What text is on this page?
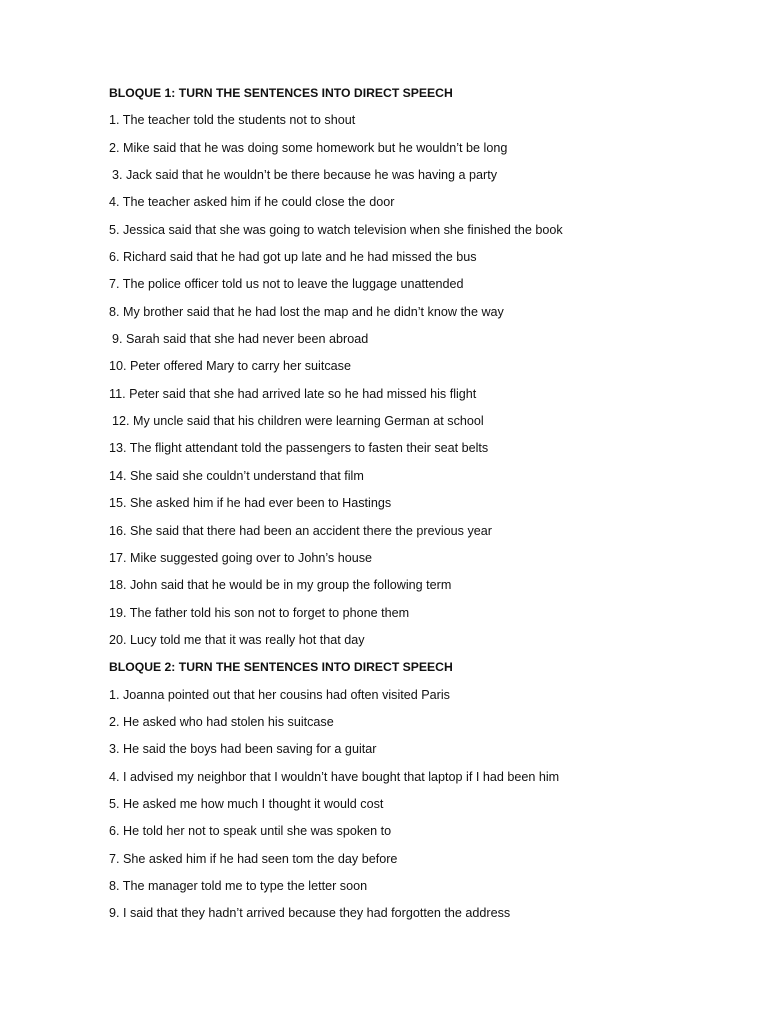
BLOQUE 1: TURN THE SENTENCES INTO DIRECT SPEECH
1. The teacher told the students not to shout
2. Mike said that he was doing some homework but he wouldn’t be long
3. Jack said that he wouldn’t be there because he was having a party
4. The teacher asked him if he could close the door
5. Jessica said that she was going to watch television when she finished the book
6. Richard said that he had got up late and he had missed the bus
7. The police officer told us not to leave the luggage unattended
8. My brother said that he had lost the map and he didn’t know the way
9. Sarah said that she had never been abroad
10. Peter offered Mary to carry her suitcase
11. Peter said that she had arrived late so he had missed his flight
12. My uncle said that his children were learning German at school
13. The flight attendant told the passengers to fasten their seat belts
14. She said she couldn’t understand that film
15. She asked him if he had ever been to Hastings
16. She said that there had been an accident there the previous year
17. Mike suggested going over to John’s house
18. John said that he would be in my group the following term
19. The father told his son not to forget to phone them
20. Lucy told me that it was really hot that day
BLOQUE 2: TURN THE SENTENCES INTO DIRECT SPEECH
1. Joanna pointed out that her cousins had often visited Paris
2. He asked who had stolen his suitcase
3. He said the boys had been saving for a guitar
4. I advised my neighbor that I wouldn’t have bought that laptop if I had been him
5. He asked me how much I thought it would cost
6. He told her not to speak until she was spoken to
7. She asked him if he had seen tom the day before
8. The manager told me to type the letter soon
9. I said that they hadn’t arrived because they had forgotten the address
